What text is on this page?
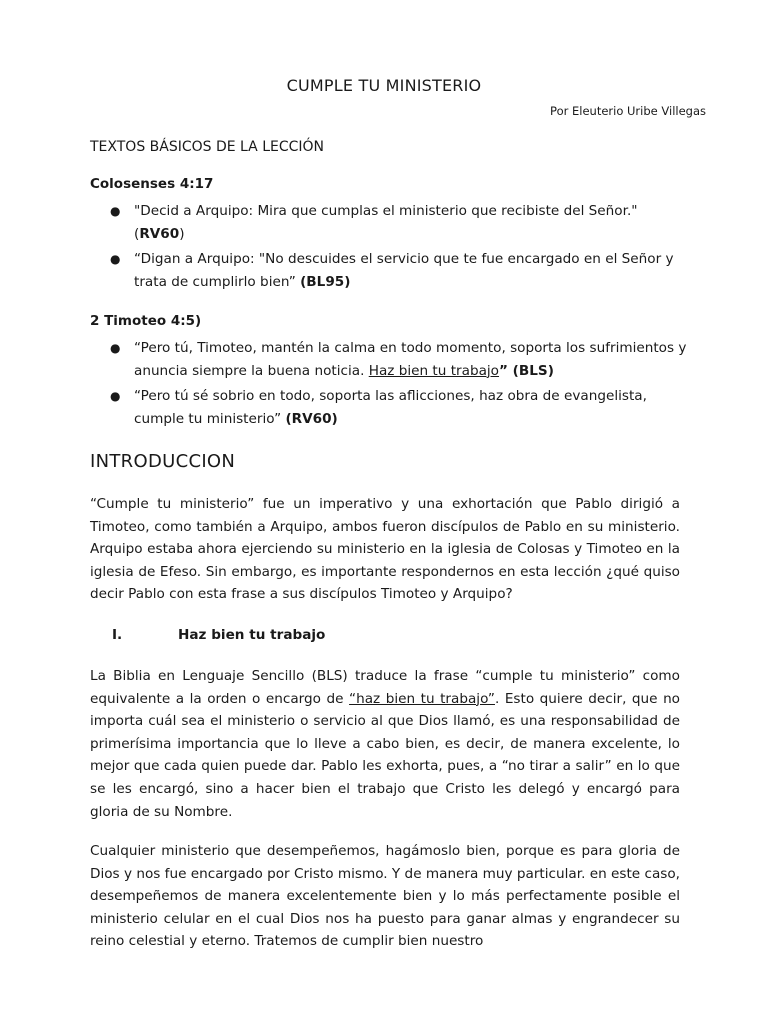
CUMPLE TU MINISTERIO
Por Eleuterio Uribe Villegas
TEXTOS BÁSICOS DE LA LECCIÓN
Colosenses 4:17
● "Decid a Arquipo: Mira que cumplas el ministerio que recibiste del Señor." (RV60)
● “Digan a Arquipo: "No descuides el servicio que te fue encargado en el Señor y trata de cumplirlo bien” (BL95)
2 Timoteo 4:5)
● “Pero tú, Timoteo, mantén la calma en todo momento, soporta los sufrimientos y anuncia siempre la buena noticia. Haz bien tu trabajo” (BLS)
● “Pero tú sé sobrio en todo, soporta las aflicciones, haz obra de evangelista, cumple tu ministerio” (RV60)
INTRODUCCION

“Cumple tu ministerio” fue un imperativo y una exhortación que Pablo dirigió a Timoteo, como también a Arquipo, ambos fueron discípulos de Pablo en su ministerio. Arquipo estaba ahora ejerciendo su ministerio en la iglesia de Colosas y Timoteo en la iglesia de Efeso. Sin embargo, es importante respondernos en esta lección ¿qué quiso decir Pablo con esta frase a sus discípulos Timoteo y Arquipo?

I.	Haz bien tu trabajo

La Biblia en Lenguaje Sencillo (BLS) traduce la frase “cumple tu ministerio” como equivalente a la orden o encargo de “haz bien tu trabajo”. Esto quiere decir, que no importa cuál sea el ministerio o servicio al que Dios llamó, es una responsabilidad de primerísima importancia que lo lleve a cabo bien, es decir, de manera excelente, lo mejor que cada quien puede dar. Pablo les exhorta, pues, a “no tirar a salir” en lo que se les encargó, sino a hacer bien el trabajo que Cristo les delegó y encargó para gloria de su Nombre.

Cualquier ministerio que desempeñemos, hagámoslo bien, porque es para gloria de Dios y nos fue encargado por Cristo mismo. Y de manera muy particular. en este caso, desempeñemos de manera excelentemente bien y lo más perfectamente posible el ministerio celular en el cual Dios nos ha puesto para ganar almas y engrandecer su reino celestial y eterno. Tratemos de cumplir bien nuestro
